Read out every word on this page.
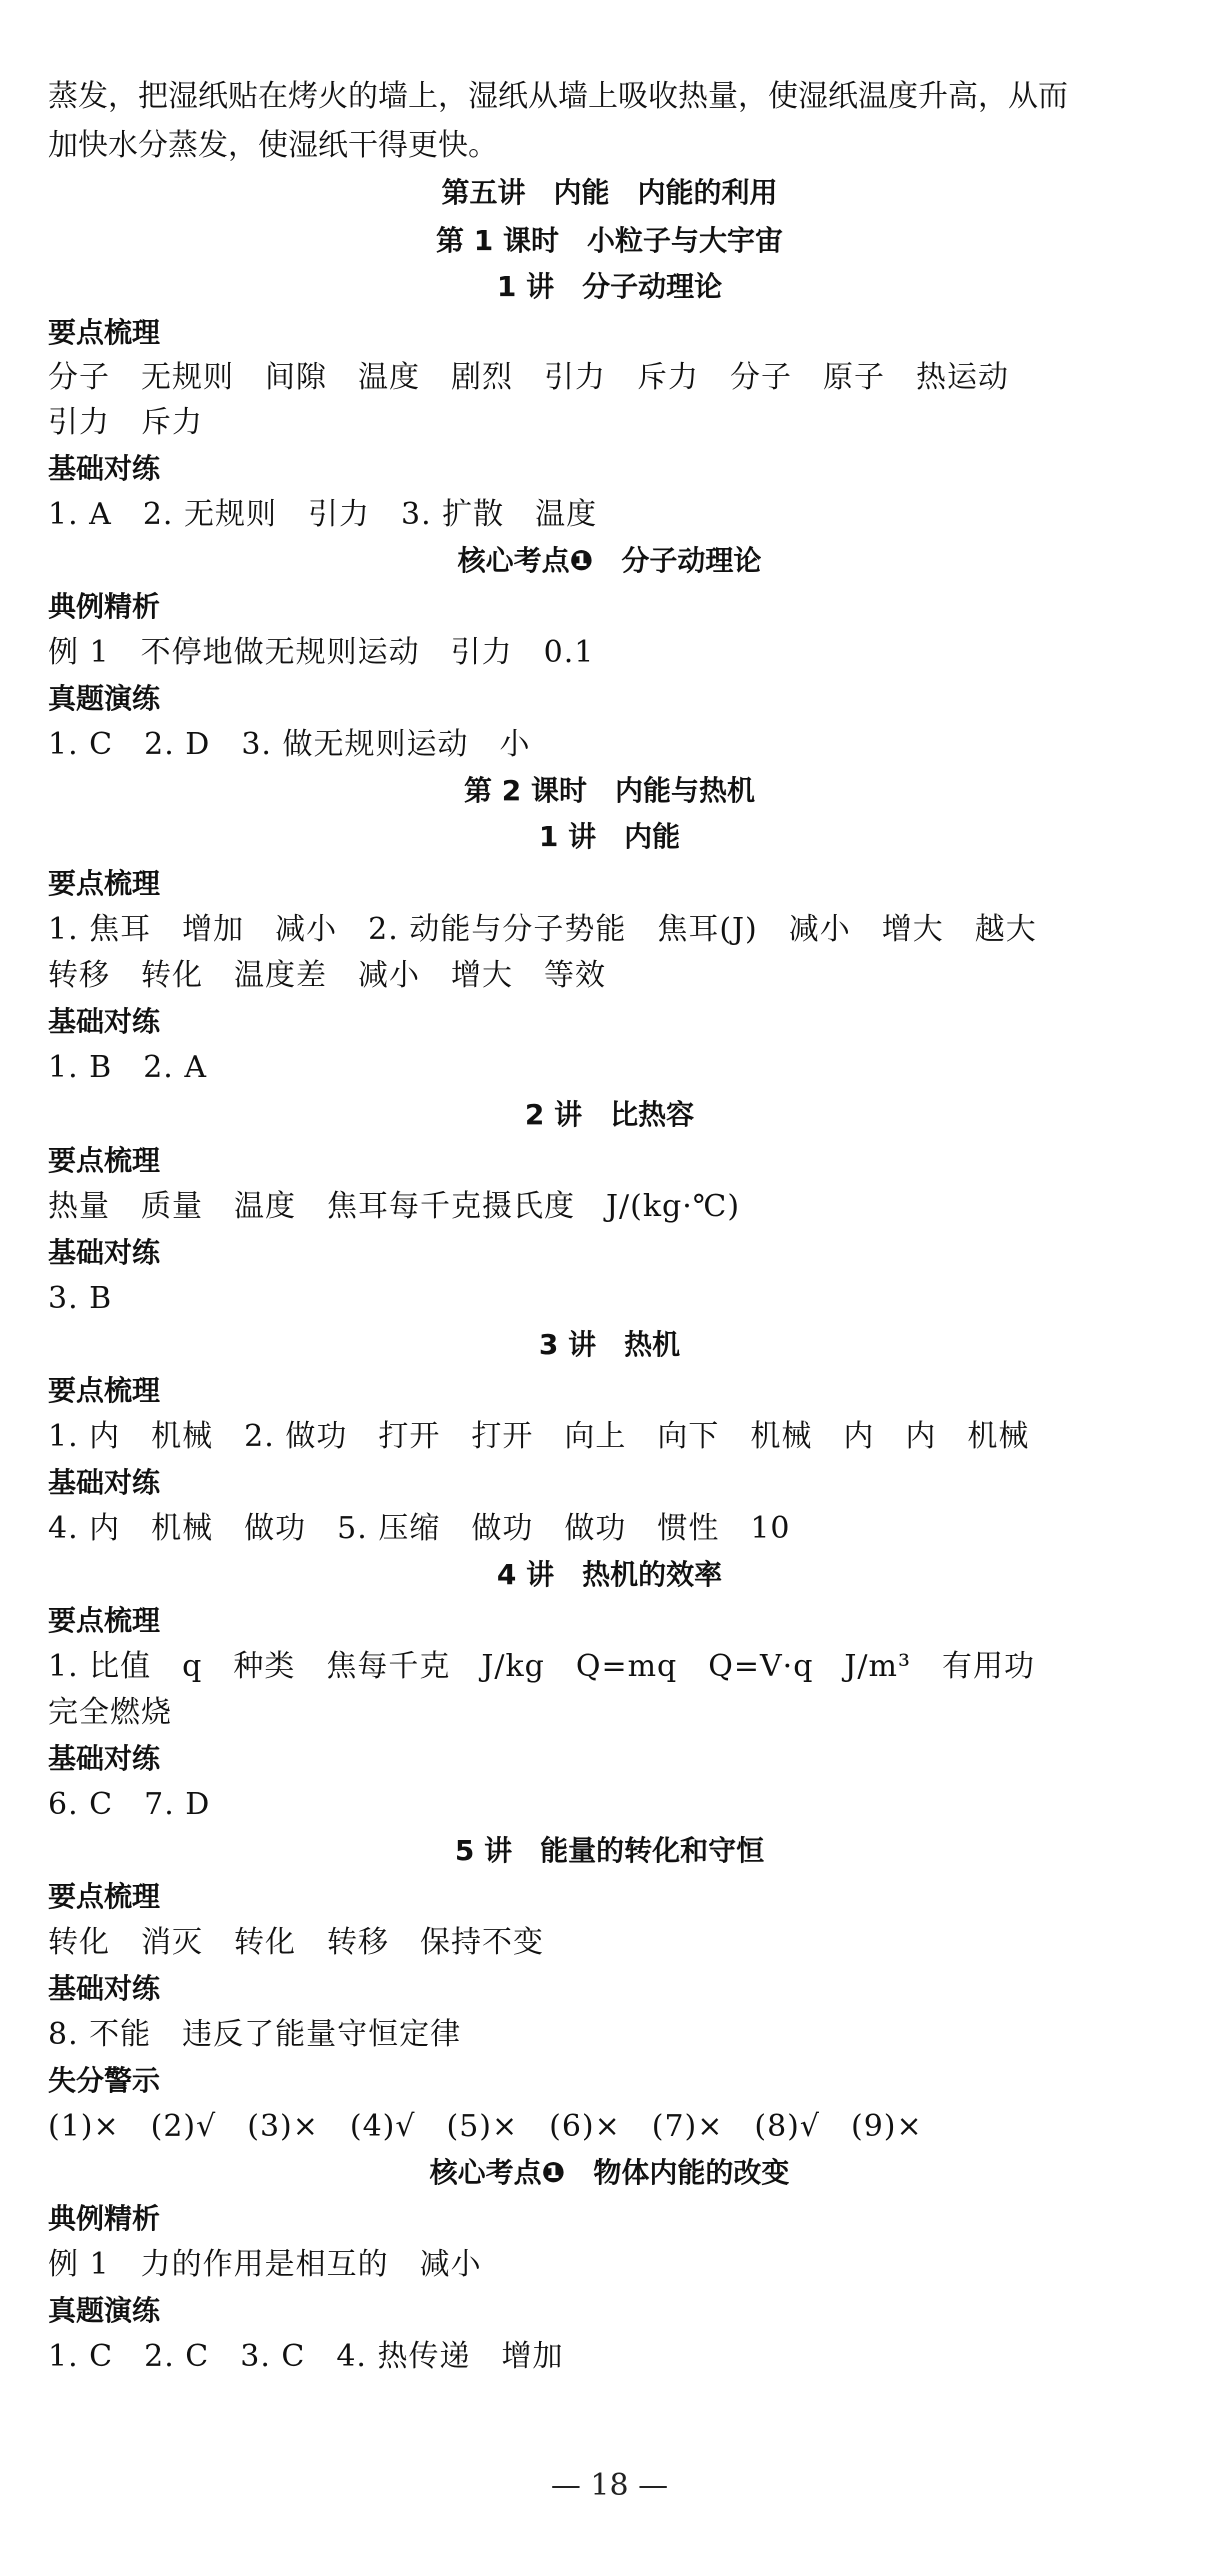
蒸发，把湿纸贴在烤火的墙上，湿纸从墙上吸收热量，使湿纸温度升高，从而
加快水分蒸发，使湿纸干得更快。
第五讲　内能　内能的利用
第 1 课时　小粒子与大宇宙
1 讲　分子动理论
要点梳理
分子　无规则　间隙　温度　剧烈　引力　斥力　分子　原子　热运动
引力　斥力
基础对练
1. A　2. 无规则　引力　3. 扩散　温度
核心考点❶　分子动理论
典例精析
例 1　不停地做无规则运动　引力　0.1
真题演练
1. C　2. D　3. 做无规则运动　小
第 2 课时　内能与热机
1 讲　内能
要点梳理
1. 焦耳　增加　减小　2. 动能与分子势能　焦耳(J)　减小　增大　越大
转移　转化　温度差　减小　增大　等效
基础对练
1. B　2. A
2 讲　比热容
要点梳理
热量　质量　温度　焦耳每千克摄氏度　J/(kg·℃)
基础对练
3. B
3 讲　热机
要点梳理
1. 内　机械　2. 做功　打开　打开　向上　向下　机械　内　内　机械
基础对练
4. 内　机械　做功　5. 压缩　做功　做功　惯性　10
4 讲　热机的效率
要点梳理
1. 比值　q　种类　焦每千克　J/kg　Q=mq　Q=V·q　J/m³　有用功
完全燃烧
基础对练
6. C　7. D
5 讲　能量的转化和守恒
要点梳理
转化　消灭　转化　转移　保持不变
基础对练
8. 不能　违反了能量守恒定律
失分警示
(1)×　(2)√　(3)×　(4)√　(5)×　(6)×　(7)×　(8)√　(9)×
核心考点❶　物体内能的改变
典例精析
例 1　力的作用是相互的　减小
真题演练
1. C　2. C　3. C　4. 热传递　增加
— 18 —
